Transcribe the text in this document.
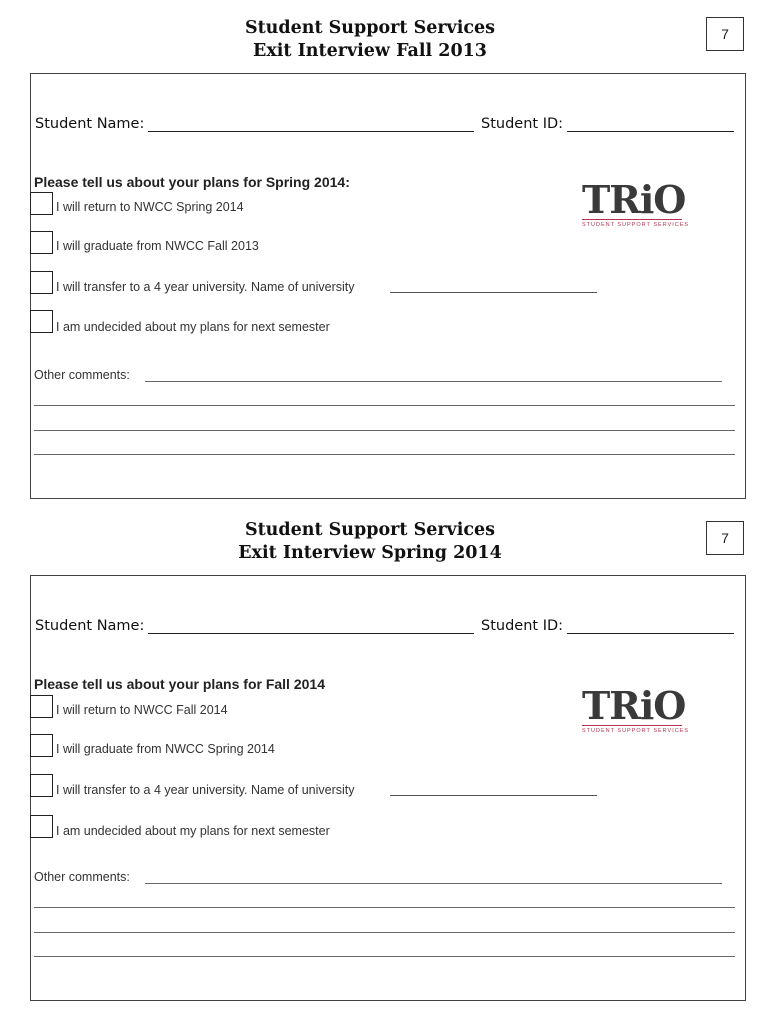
Student Support Services
Exit Interview Fall 2013
7
Student Name:	Student ID:
Please tell us about your plans for Spring 2014:	TRiO
STUDENT SUPPORT SERVICES
I will return to NWCC Spring 2014
I will graduate from NWCC Fall 2013
I will transfer to a 4 year university. Name of university
I am undecided about my plans for next semester
Other comments:
Student Support Services
Exit Interview Spring 2014
7
Student Name:	Student ID:
Please tell us about your plans for Fall 2014	TRiO
STUDENT SUPPORT SERVICES
I will return to NWCC Fall 2014
I will graduate from NWCC Spring 2014
I will transfer to a 4 year university. Name of university
I am undecided about my plans for next semester
Other comments:
